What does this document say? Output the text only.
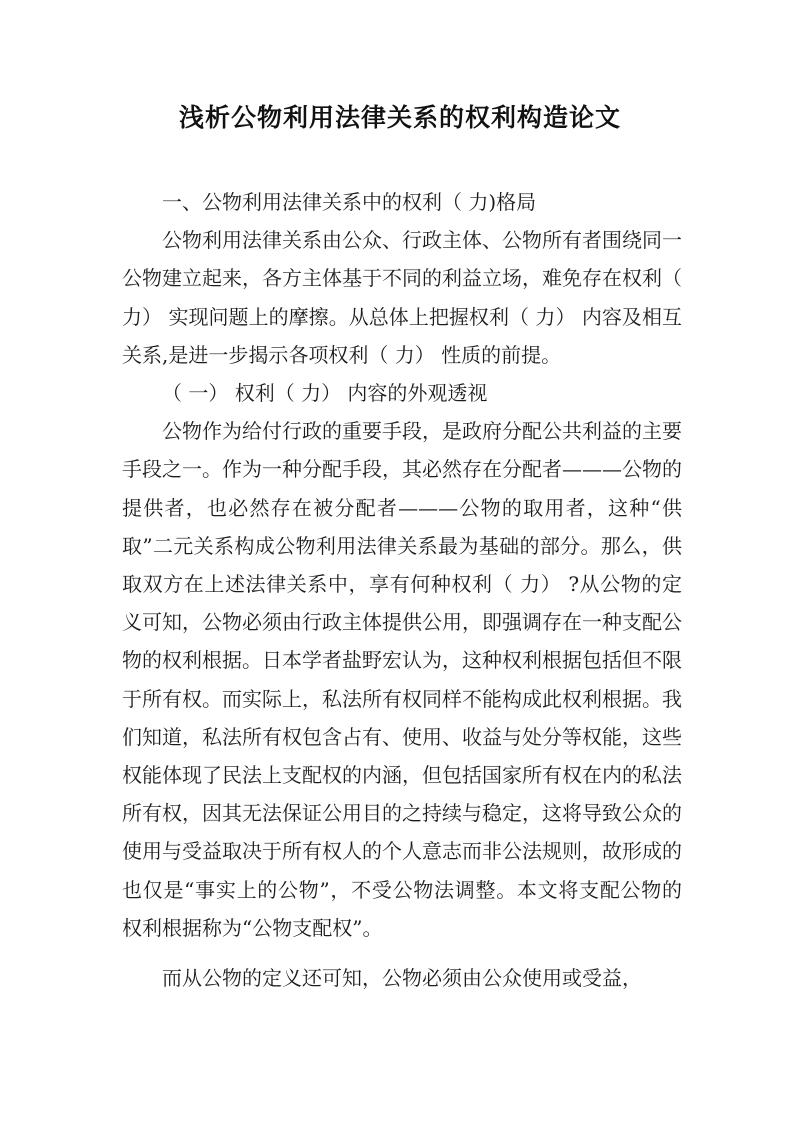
浅析公物利用法律关系的权利构造论文

一、公物利用法律关系中的权利（ 力)格局

公物利用法律关系由公众、行政主体、公物所有者围绕同一公物建立起来，各方主体基于不同的利益立场，难免存在权利（ 力） 实现问题上的摩擦。从总体上把握权利（ 力） 内容及相互关系,是进一步揭示各项权利（ 力） 性质的前提。

（ 一） 权利（ 力） 内容的外观透视

公物作为给付行政的重要手段，是政府分配公共利益的主要手段之一。作为一种分配手段，其必然存在分配者———公物的提供者，也必然存在被分配者———公物的取用者，这种“供取”二元关系构成公物利用法律关系最为基础的部分。那么，供取双方在上述法律关系中，享有何种权利（ 力） ?从公物的定义可知，公物必须由行政主体提供公用，即强调存在一种支配公物的权利根据。日本学者盐野宏认为，这种权利根据包括但不限于所有权。而实际上，私法所有权同样不能构成此权利根据。我们知道，私法所有权包含占有、使用、收益与处分等权能，这些权能体现了民法上支配权的内涵，但包括国家所有权在内的私法所有权，因其无法保证公用目的之持续与稳定，这将导致公众的使用与受益取决于所有权人的个人意志而非公法规则，故形成的也仅是“事实上的公物”，不受公物法调整。本文将支配公物的权利根据称为“公物支配权”。

而从公物的定义还可知，公物必须由公众使用或受益，
